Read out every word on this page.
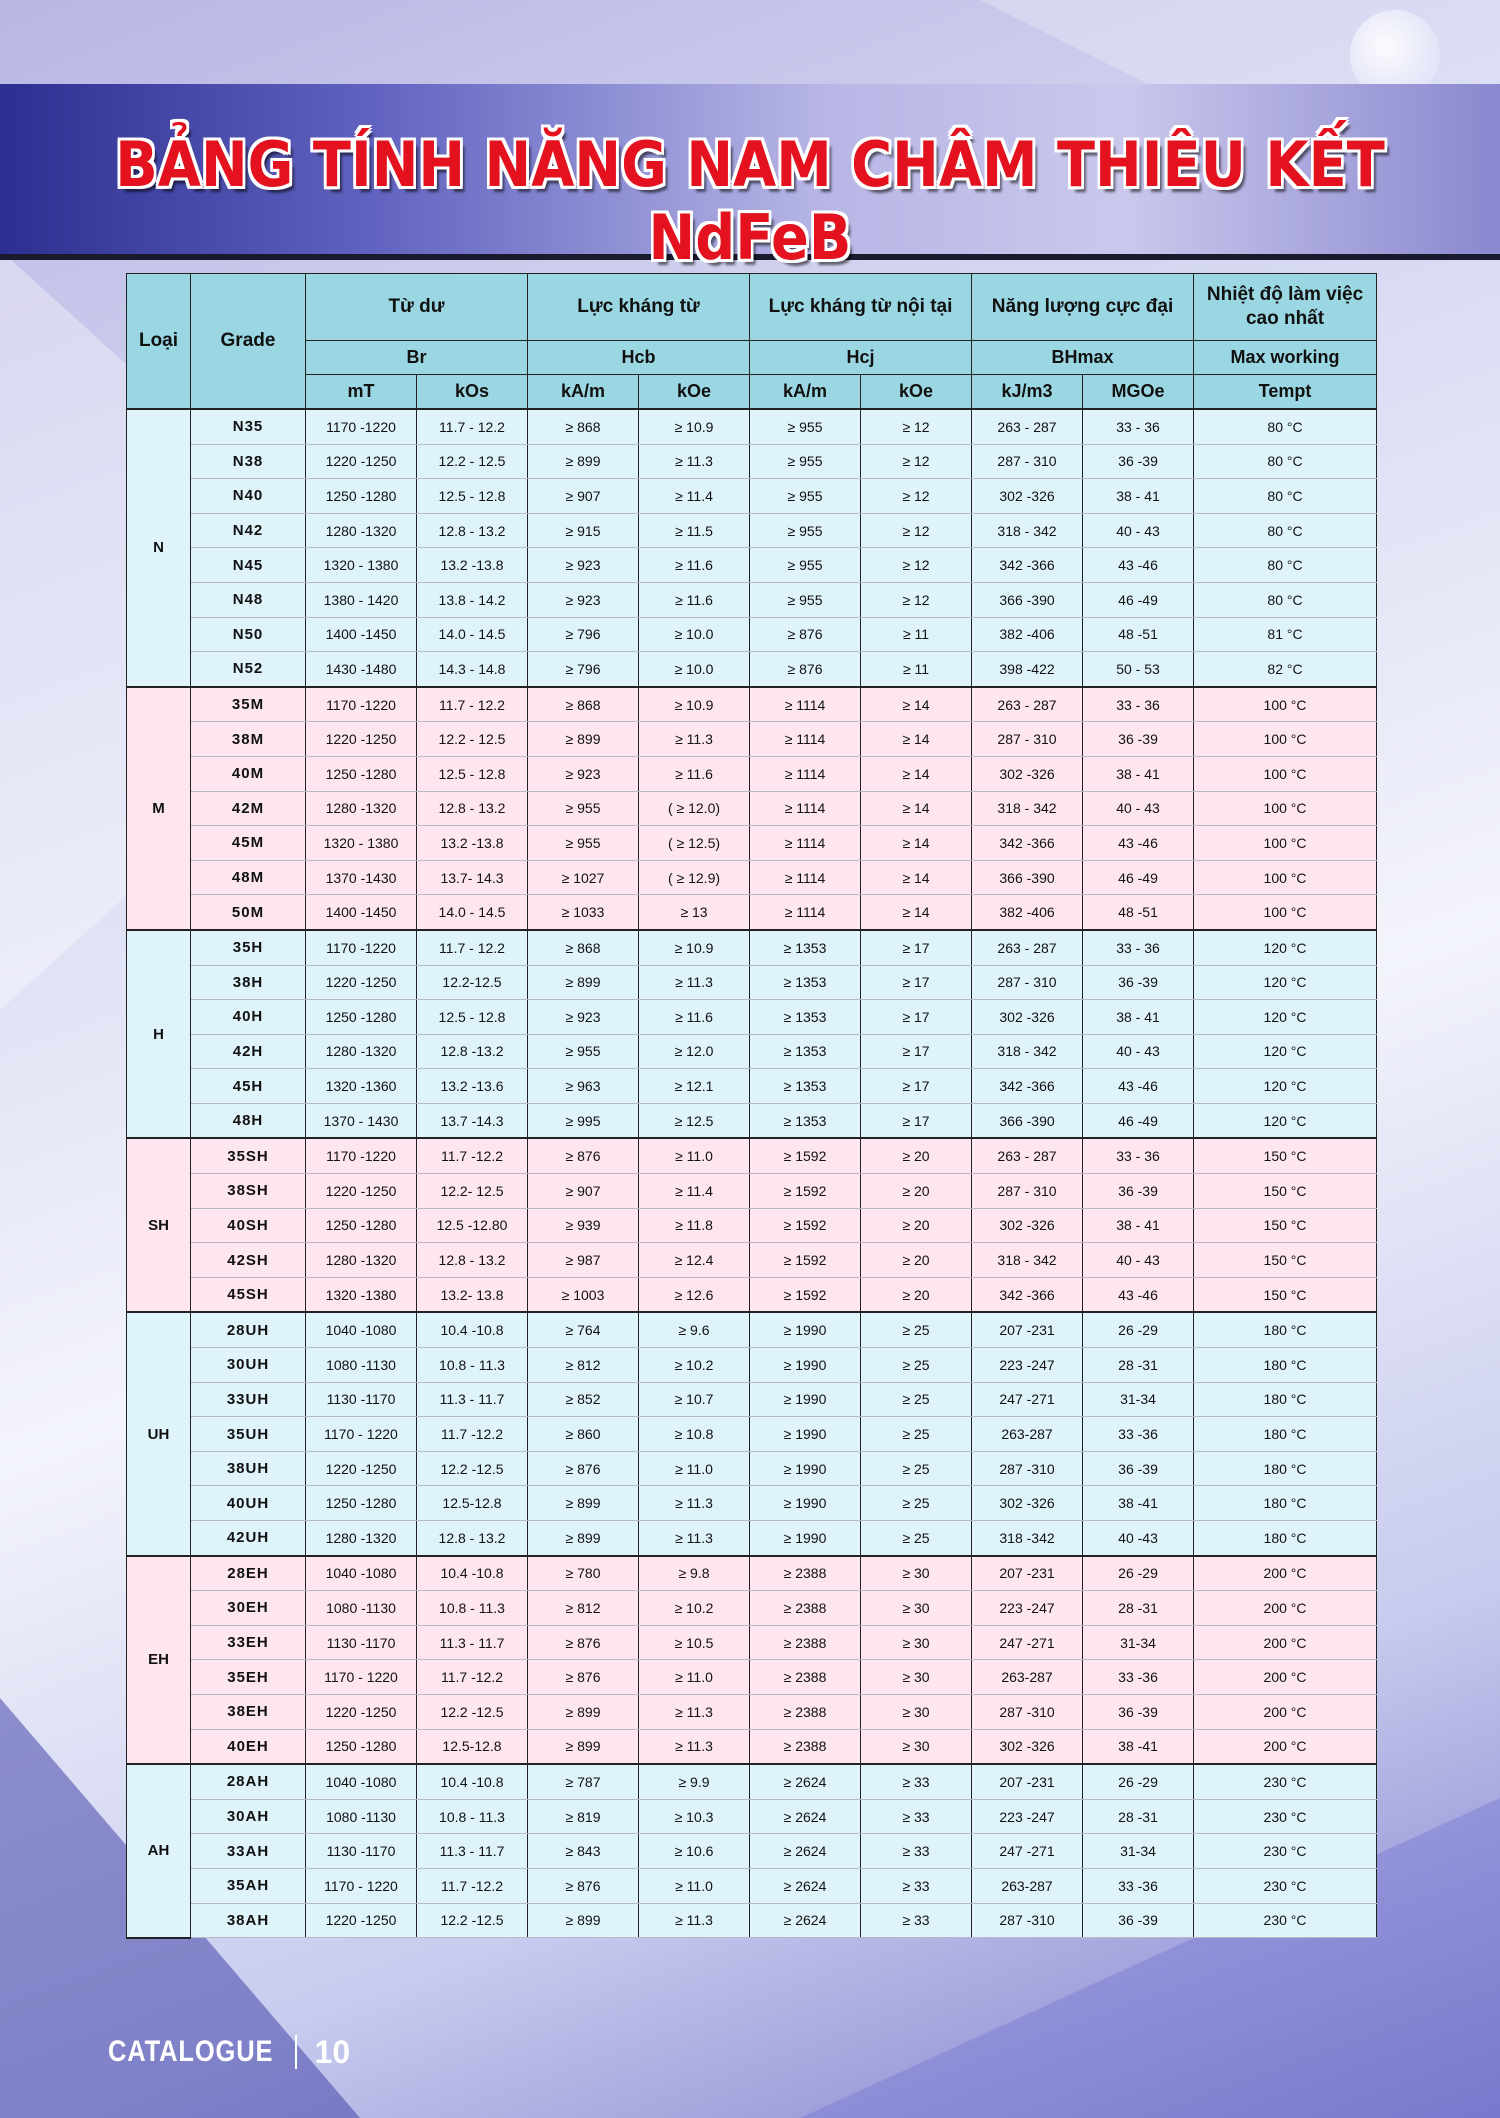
BẢNG TÍNH NĂNG NAM CHÂM THIÊU KẾT NdFeB
Loại	Grade	Từ dư		Lực kháng từ		Lực kháng từ nội tại		Năng lượng cực đại		Nhiệt độ làm việc cao nhất
		Br		Hcb		Hcj		BHmax		Max working
		mT	kOs	kA/m	kOe	kA/m	kOe	kJ/m3	MGOe	Tempt
N	N35	1170 -1220	11.7 - 12.2	≥ 868	≥ 10.9	≥ 955	≥ 12	263 - 287	33 - 36	80 °C
	N38	1220 -1250	12.2 - 12.5	≥ 899	≥ 11.3	≥ 955	≥ 12	287 - 310	36 -39	80 °C
	N40	1250 -1280	12.5 - 12.8	≥ 907	≥ 11.4	≥ 955	≥ 12	302 -326	38 - 41	80 °C
	N42	1280 -1320	12.8 - 13.2	≥ 915	≥ 11.5	≥ 955	≥ 12	318 - 342	40 - 43	80 °C
	N45	1320 - 1380	13.2 -13.8	≥ 923	≥ 11.6	≥ 955	≥ 12	342 -366	43 -46	80 °C
	N48	1380 - 1420	13.8 - 14.2	≥ 923	≥ 11.6	≥ 955	≥ 12	366 -390	46 -49	80 °C
	N50	1400 -1450	14.0 - 14.5	≥ 796	≥ 10.0	≥ 876	≥ 11	382 -406	48 -51	81 °C
	N52	1430 -1480	14.3 - 14.8	≥ 796	≥ 10.0	≥ 876	≥ 11	398 -422	50 - 53	82 °C
M	35M	1170 -1220	11.7 - 12.2	≥ 868	≥ 10.9	≥ 1114	≥ 14	263 - 287	33 - 36	100 °C
	38M	1220 -1250	12.2 - 12.5	≥ 899	≥ 11.3	≥ 1114	≥ 14	287 - 310	36 -39	100 °C
	40M	1250 -1280	12.5 - 12.8	≥ 923	≥ 11.6	≥ 1114	≥ 14	302 -326	38 - 41	100 °C
	42M	1280 -1320	12.8 - 13.2	≥ 955	( ≥ 12.0)	≥ 1114	≥ 14	318 - 342	40 - 43	100 °C
	45M	1320 - 1380	13.2 -13.8	≥ 955	( ≥ 12.5)	≥ 1114	≥ 14	342 -366	43 -46	100 °C
	48M	1370 -1430	13.7- 14.3	≥ 1027	( ≥ 12.9)	≥ 1114	≥ 14	366 -390	46 -49	100 °C
	50M	1400 -1450	14.0 - 14.5	≥ 1033	≥ 13	≥ 1114	≥ 14	382 -406	48 -51	100 °C
H	35H	1170 -1220	11.7 - 12.2	≥ 868	≥ 10.9	≥ 1353	≥ 17	263 - 287	33 - 36	120 °C
	38H	1220 -1250	12.2-12.5	≥ 899	≥ 11.3	≥ 1353	≥ 17	287 - 310	36 -39	120 °C
	40H	1250 -1280	12.5 - 12.8	≥ 923	≥ 11.6	≥ 1353	≥ 17	302 -326	38 - 41	120 °C
	42H	1280 -1320	12.8 -13.2	≥ 955	≥ 12.0	≥ 1353	≥ 17	318 - 342	40 - 43	120 °C
	45H	1320 -1360	13.2 -13.6	≥ 963	≥ 12.1	≥ 1353	≥ 17	342 -366	43 -46	120 °C
	48H	1370 - 1430	13.7 -14.3	≥ 995	≥ 12.5	≥ 1353	≥ 17	366 -390	46 -49	120 °C
SH	35SH	1170 -1220	11.7 -12.2	≥ 876	≥ 11.0	≥ 1592	≥ 20	263 - 287	33 - 36	150 °C
	38SH	1220 -1250	12.2- 12.5	≥ 907	≥ 11.4	≥ 1592	≥ 20	287 - 310	36 -39	150 °C
	40SH	1250 -1280	12.5 -12.80	≥ 939	≥ 11.8	≥ 1592	≥ 20	302 -326	38 - 41	150 °C
	42SH	1280 -1320	12.8 - 13.2	≥ 987	≥ 12.4	≥ 1592	≥ 20	318 - 342	40 - 43	150 °C
	45SH	1320 -1380	13.2- 13.8	≥ 1003	≥ 12.6	≥ 1592	≥ 20	342 -366	43 -46	150 °C
UH	28UH	1040 -1080	10.4 -10.8	≥ 764	≥ 9.6	≥ 1990	≥ 25	207 -231	26 -29	180 °C
	30UH	1080 -1130	10.8 - 11.3	≥ 812	≥ 10.2	≥ 1990	≥ 25	223 -247	28 -31	180 °C
	33UH	1130 -1170	11.3 - 11.7	≥ 852	≥ 10.7	≥ 1990	≥ 25	247 -271	31-34	180 °C
	35UH	1170 - 1220	11.7 -12.2	≥ 860	≥ 10.8	≥ 1990	≥ 25	263-287	33 -36	180 °C
	38UH	1220 -1250	12.2 -12.5	≥ 876	≥ 11.0	≥ 1990	≥ 25	287 -310	36 -39	180 °C
	40UH	1250 -1280	12.5-12.8	≥ 899	≥ 11.3	≥ 1990	≥ 25	302 -326	38 -41	180 °C
	42UH	1280 -1320	12.8 - 13.2	≥ 899	≥ 11.3	≥ 1990	≥ 25	318 -342	40 -43	180 °C
EH	28EH	1040 -1080	10.4 -10.8	≥ 780	≥ 9.8	≥ 2388	≥ 30	207 -231	26 -29	200 °C
	30EH	1080 -1130	10.8 - 11.3	≥ 812	≥ 10.2	≥ 2388	≥ 30	223 -247	28 -31	200 °C
	33EH	1130 -1170	11.3 - 11.7	≥ 876	≥ 10.5	≥ 2388	≥ 30	247 -271	31-34	200 °C
	35EH	1170 - 1220	11.7 -12.2	≥ 876	≥ 11.0	≥ 2388	≥ 30	263-287	33 -36	200 °C
	38EH	1220 -1250	12.2 -12.5	≥ 899	≥ 11.3	≥ 2388	≥ 30	287 -310	36 -39	200 °C
	40EH	1250 -1280	12.5-12.8	≥ 899	≥ 11.3	≥ 2388	≥ 30	302 -326	38 -41	200 °C
AH	28AH	1040 -1080	10.4 -10.8	≥ 787	≥ 9.9	≥ 2624	≥ 33	207 -231	26 -29	230 °C
	30AH	1080 -1130	10.8 - 11.3	≥ 819	≥ 10.3	≥ 2624	≥ 33	223 -247	28 -31	230 °C
	33AH	1130 -1170	11.3 - 11.7	≥ 843	≥ 10.6	≥ 2624	≥ 33	247 -271	31-34	230 °C
	35AH	1170 - 1220	11.7 -12.2	≥ 876	≥ 11.0	≥ 2624	≥ 33	263-287	33 -36	230 °C
	38AH	1220 -1250	12.2 -12.5	≥ 899	≥ 11.3	≥ 2624	≥ 33	287 -310	36 -39	230 °C
CATALOGUE 10
